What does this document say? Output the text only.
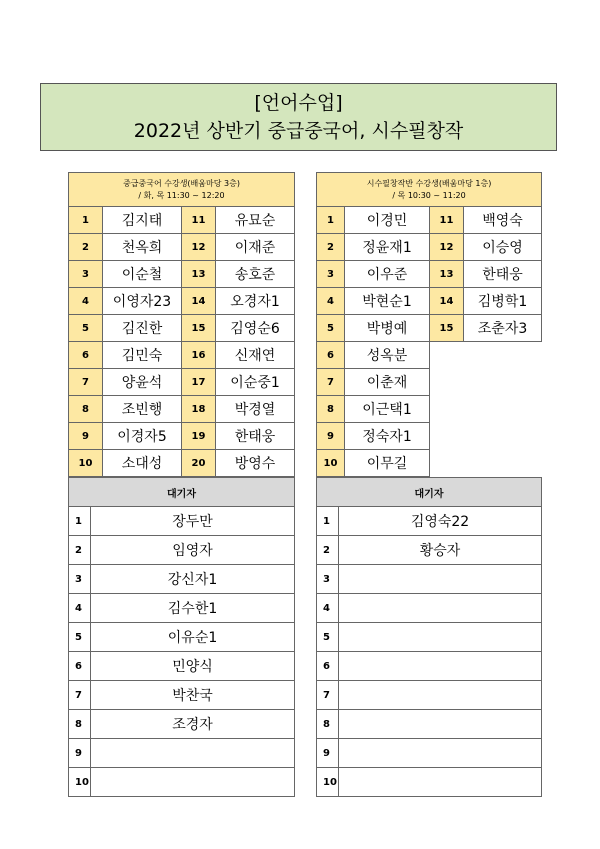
[언어수업]
2022년 상반기 중급중국어, 시수필창작
중급중국어 수강생(배움마당 3층)
/ 화, 목 11:30 ~ 12:20			

1	김지태	11	유묘순
2	천옥희	12	이재준
3	이순철	13	송호준
4	이영자23	14	오경자1
5	김진한	15	김영순6
6	김민숙	16	신재연
7	양윤석	17	이순중1
8	조빈행	18	박경열
9	이경자5	19	한태웅
10	소대성	20	방영수
시수필창작반 수강생(배움마당 1층)
/ 목 10:30 ~ 11:20			

1	이경민	11	백영숙
2	정윤재1	12	이승영
3	이우준	13	한태웅
4	박현순1	14	김병학1
5	박병예	15	조춘자3
6	성옥분		
7	이춘재		
8	이근택1		
9	정숙자1		
10	이무길		
대기자	
1	장두만
2	임영자
3	강신자1
4	김수한1
5	이유순1
6	민양식
7	박찬국
8	조경자
9	
10	
대기자	
1	김영숙22
2	황승자
3	
4	
5	
6	
7	
8	
9	
10	
